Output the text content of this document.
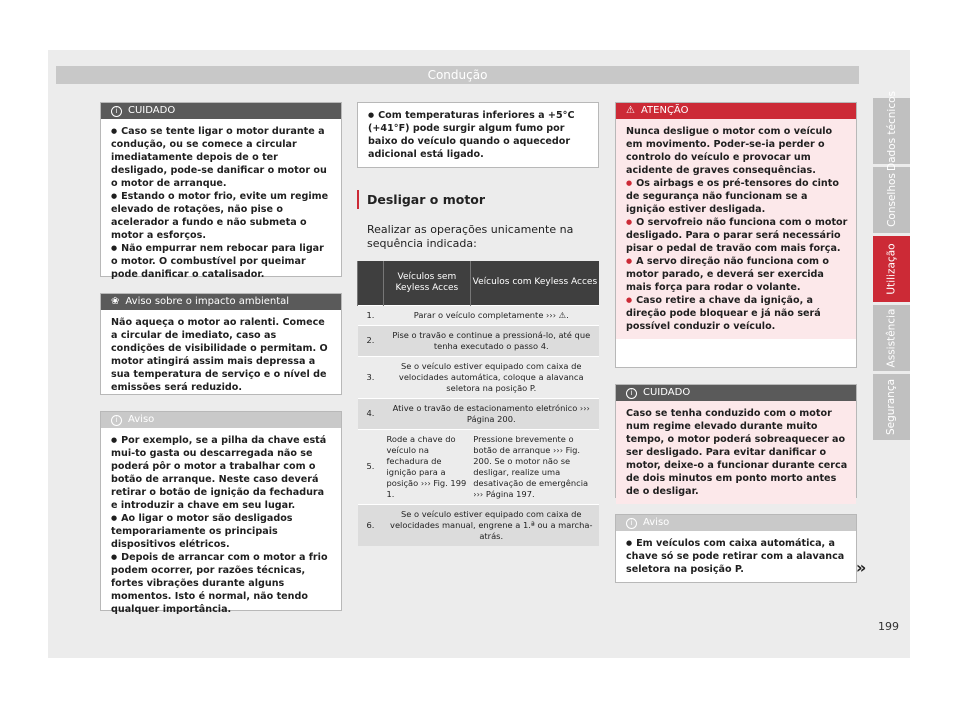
Condução
i	CUIDADO

● Caso se tente ligar o motor durante a condução, ou se comece a circular imediatamente depois de o ter desligado, pode-se danificar o motor ou o motor de arranque.

● Estando o motor frio, evite um regime elevado de rotações, não pise o acelerador a fundo e não submeta o motor a esforços.

● Não empurrar nem rebocar para ligar o motor. O combustível por queimar pode danificar o catalisador.

❀ Aviso sobre o impacto ambiental

Não aqueça o motor ao ralenti. Comece a circular de imediato, caso as condições de visibilidade o permitam. O motor atingirá assim mais depressa a sua temperatura de serviço e o nível de emissões será reduzido.

i	Aviso

● Por exemplo, se a pilha da chave está mui-to gasta ou descarregada não se poderá pôr o motor a trabalhar com o botão de arranque. Neste caso deverá retirar o botão de ignição da fechadura e introduzir a chave em seu lugar.

● Ao ligar o motor são desligados temporariamente os principais dispositivos elétricos.

● Depois de arrancar com o motor a frio podem ocorrer, por razões técnicas, fortes vibrações durante alguns momentos. Isto é normal, não tendo qualquer importância.

● Com temperaturas inferiores a +5°C (+41°F) pode surgir algum fumo por baixo do veículo quando o aquecedor adicional está ligado.

Desligar o motor

Realizar as operações unicamente na sequência indicada:

	Veículos sem Keyless Acces	Veículos com Keyless Acces
1.	Parar o veículo completamente ››› ⚠.	
2.	Pise o travão e continue a pressioná-lo, até que tenha executado o passo 4.	
3.	Se o veículo estiver equipado com caixa de velocidades automática, coloque a alavanca seletora na posição P.	
4.	Ative o travão de estacionamento eletrónico ››› Página 200.	
5.	Rode a chave do veículo na fechadura de ignição para a posição ››› Fig. 199 1.	Pressione brevemente o botão de arranque ››› Fig. 200. Se o motor não se desligar, realize uma desativação de emergência ››› Página 197.
6.	Se o veículo estiver equipado com caixa de velocidades manual, engrene a 1.ª ou a marcha-atrás.	
⚠ ATENÇÃO

Nunca desligue o motor com o veículo em movimento. Poder-se-ia perder o controlo do veículo e provocar um acidente de graves consequências.

● Os airbags e os pré-tensores do cinto de segurança não funcionam se a ignição estiver desligada.

● O servofreio não funciona com o motor desligado. Para o parar será necessário pisar o pedal de travão com mais força.

● A servo direção não funciona com o motor parado, e deverá ser exercida mais força para rodar o volante.

● Caso retire a chave da ignição, a direção pode bloquear e já não será possível conduzir o veículo.

i	CUIDADO

Caso se tenha conduzido com o motor num regime elevado durante muito tempo, o motor poderá sobreaquecer ao ser desligado. Para evitar danificar o motor, deixe-o a funcionar durante cerca de dois minutos em ponto morto antes de o desligar.

i	Aviso

● Em veículos com caixa automática, a chave só se pode retirar com a alavanca seletora na posição P.	»
Dados técnicos
Conselhos
Utilização
Assistência
Segurança
199
